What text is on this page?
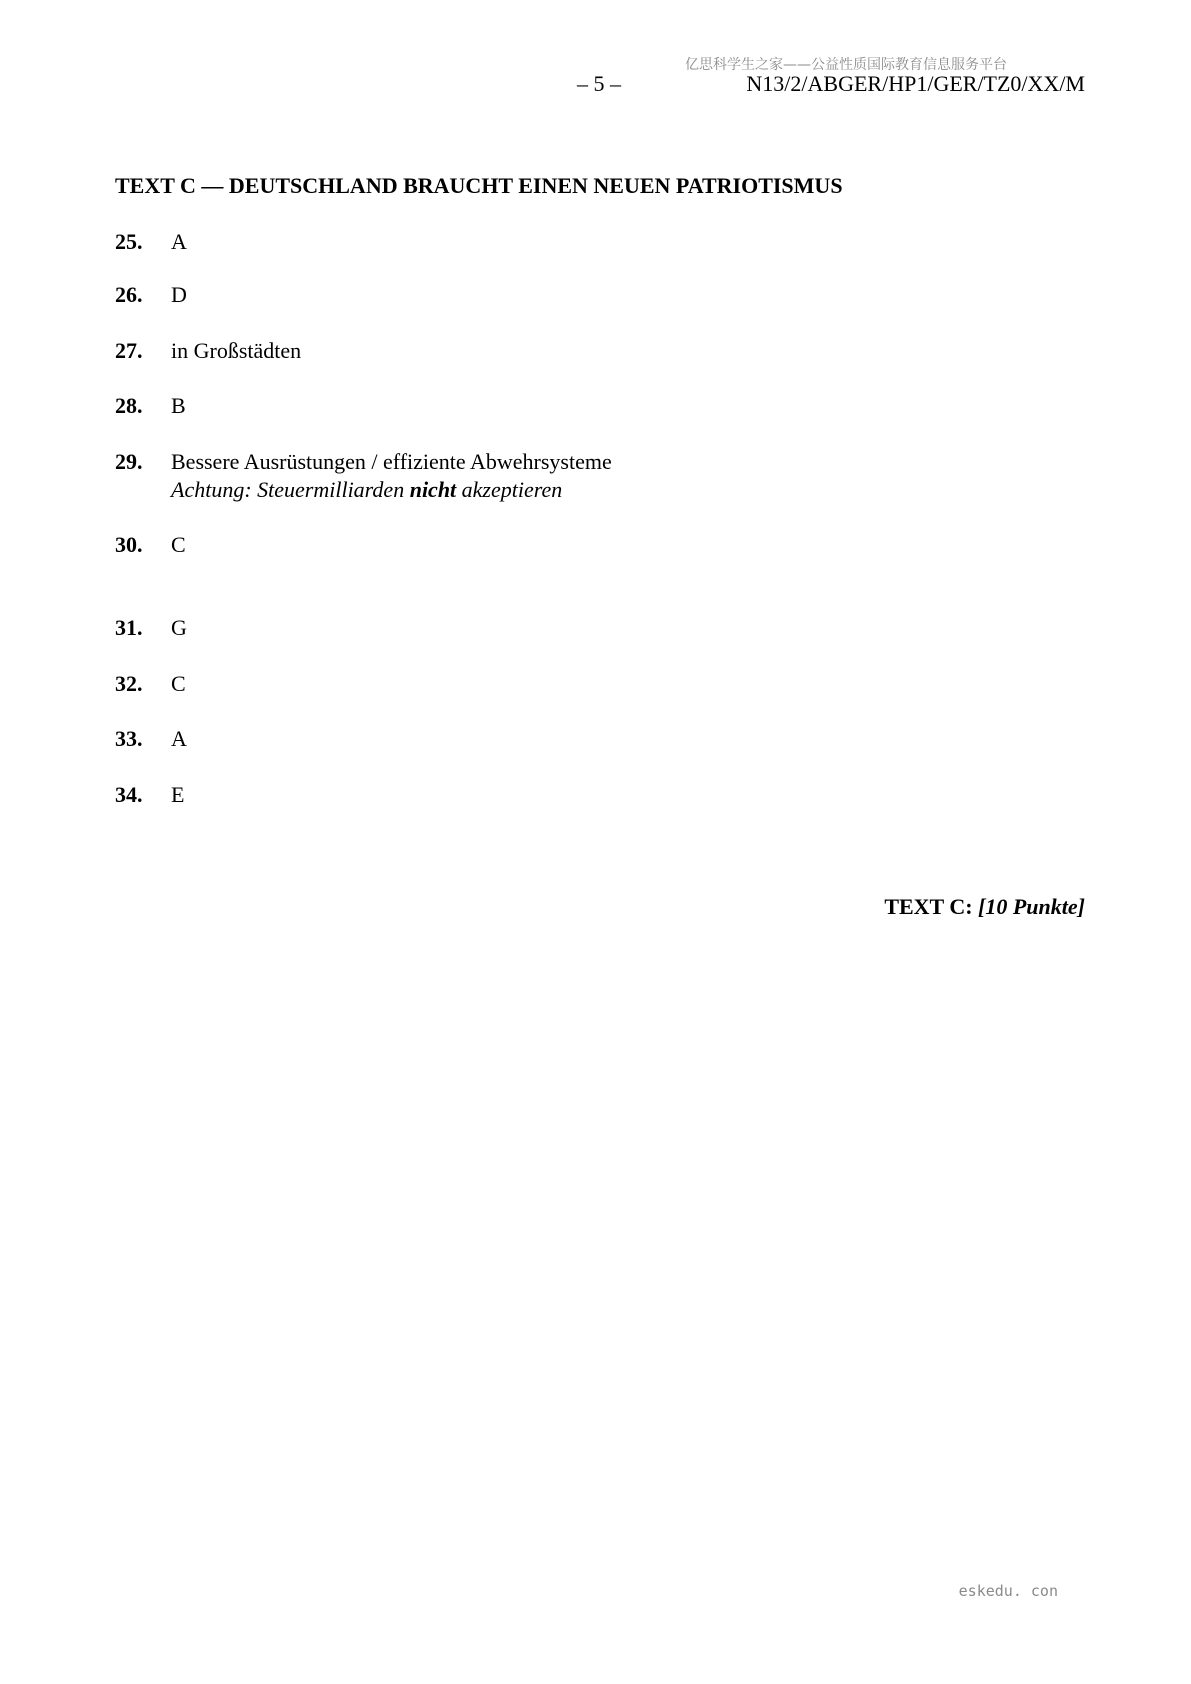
亿思科学生之家——公益性质国际教育信息服务平台
– 5 –	N13/2/ABGER/HP1/GER/TZ0/XX/M
TEXT C — DEUTSCHLAND BRAUCHT EINEN NEUEN PATRIOTISMUS
25. A
26. D
27. in Großstädten
28. B
29. Bessere Ausrüstungen / effiziente Abwehrsysteme
Achtung: Steuermilliarden nicht akzeptieren
30. C
31. G
32. C
33. A
34. E
TEXT C: [10 Punkte]
eskedu. con
